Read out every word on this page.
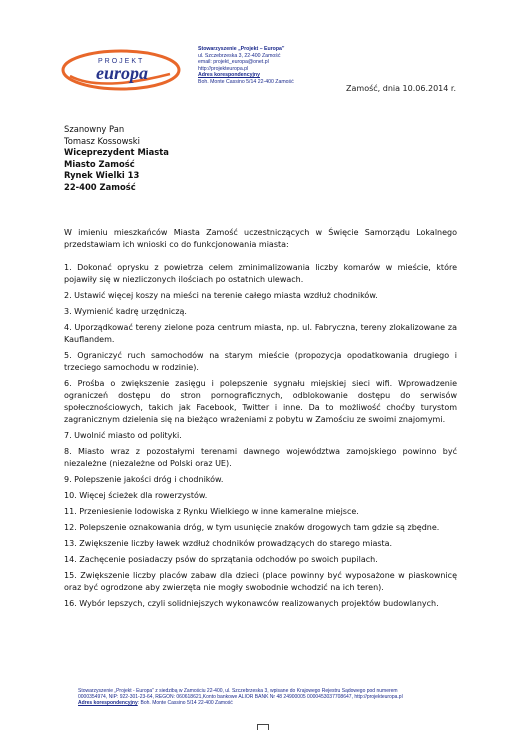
PROJEKT
europa
Stowarzyszenie „Projekt – Europa”
ul. Szczebrzeska 3, 22-400 Zamość
email: projekt_europa@onet.pl
http://projekteuropa.pl
Adres korespondencyjny
Boh. Monte Cassino 5/14 22-400 Zamość
Zamość, dnia 10.06.2014 r.
Szanowny Pan
Tomasz Kossowski
Wiceprezydent Miasta
Miasto Zamość
Rynek Wielki 13
22-400 Zamość
W imieniu mieszkańców Miasta Zamość uczestniczących w Święcie Samorządu Lokalnego przedstawiam ich wnioski co do funkcjonowania miasta:
1. Dokonać oprysku z powietrza celem zminimalizowania liczby komarów w mieście, które pojawiły się w niezliczonych ilościach po ostatnich ulewach.
2. Ustawić więcej koszy na mieści na terenie całego miasta wzdłuż chodników.
3. Wymienić kadrę urzędniczą.
4. Uporządkować tereny zielone poza centrum miasta, np. ul. Fabryczna, tereny zlokalizowane za Kauflandem.
5. Ograniczyć ruch samochodów na starym mieście (propozycja opodatkowania drugiego i trzeciego samochodu w rodzinie).
6. Prośba o zwiększenie zasięgu i polepszenie sygnału miejskiej sieci wifi. Wprowadzenie ograniczeń dostępu do stron pornograficznych, odblokowanie dostępu do serwisów społecznościowych, takich jak Facebook, Twitter i inne. Da to możliwość choćby turystom zagranicznym dzielenia się na bieżąco wrażeniami z pobytu w Zamościu ze swoimi znajomymi.
7. Uwolnić miasto od polityki.
8. Miasto wraz z pozostałymi terenami dawnego województwa zamojskiego powinno być niezależne (niezależne od Polski oraz UE).
9. Polepszenie jakości dróg i chodników.
10. Więcej ścieżek dla rowerzystów.
11. Przeniesienie lodowiska z Rynku Wielkiego w inne kameralne miejsce.
12. Polepszenie oznakowania dróg, w tym usunięcie znaków drogowych tam gdzie są zbędne.
13. Zwiększenie liczby ławek wzdłuż chodników prowadzących do starego miasta.
14. Zachęcenie posiadaczy psów do sprzątania odchodów po swoich pupilach.
15. Zwiększenie liczby placów zabaw dla dzieci (place powinny być wyposażone w piaskownicę oraz być ogrodzone aby zwierzęta nie mogły swobodnie wchodzić na ich teren).
16. Wybór lepszych, czyli solidniejszych wykonawców realizowanych projektów budowlanych.
Stowarzyszenie „Projekt - Europa” z siedzibą w Zamościu 22-400, ul. Szczebrzeska 3, wpisane do Krajowego Rejestru Sądowego pod numerem
0000354974, NIP: 922-301-23-64, REGON: 060618621,Konto bankowe ALIOR BANK Nr 48 24900005 0000453037708647, http://projekteuropa.pl
Adres korespondencyjny: Boh. Monte Cassino 5/14 22-400 Zamość
